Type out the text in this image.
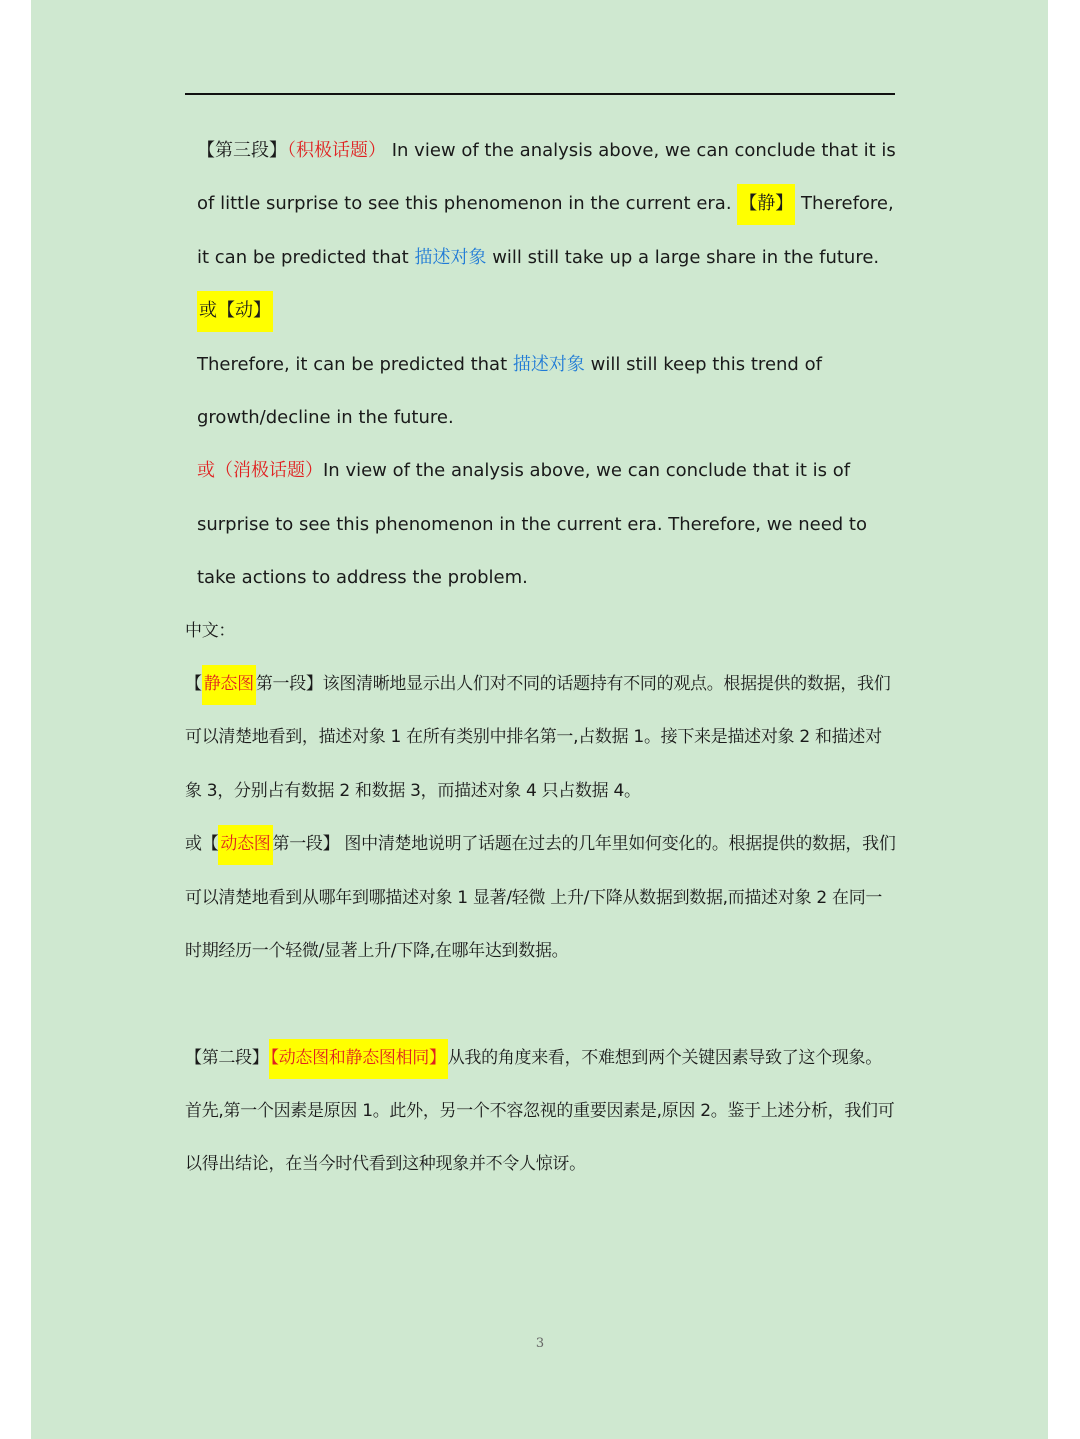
【第三段】（积极话题） In view of the analysis above, we can conclude that it is of little surprise to see this phenomenon in the current era. 【静】 Therefore, it can be predicted that 描述对象 will still take up a large share in the future. 或【动】
Therefore, it can be predicted that 描述对象 will still keep this trend of growth/decline in the future.
或（消极话题）In view of the analysis above, we can conclude that it is of surprise to see this phenomenon in the current era. Therefore, we need to take actions to address the problem.
中文：
【 静态图 第一段】该图清晰地显示出人们对不同的话题持有不同的观点。根据提供的数据，我们可以清楚地看到，描述对象 1 在所有类别中排名第一,占数据 1。接下来是描述对象 2 和描述对象 3，分别占有数据 2 和数据 3，而描述对象 4 只占数据 4。
或【 动态图 第一段】 图中清楚地说明了话题在过去的几年里如何变化的。根据提供的数据，我们可以清楚地看到从哪年到哪描述对象 1 显著/轻微 上升/下降从数据到数据,而描述对象 2 在同一时期经历一个轻微/显著上升/下降,在哪年达到数据。
【第二段】 【动态图和静态图相同】 从我的角度来看，不难想到两个关键因素导致了这个现象。首先,第一个因素是原因 1。此外，另一个不容忽视的重要因素是,原因 2。鉴于上述分析，我们可以得出结论，在当今时代看到这种现象并不令人惊讶。
3
